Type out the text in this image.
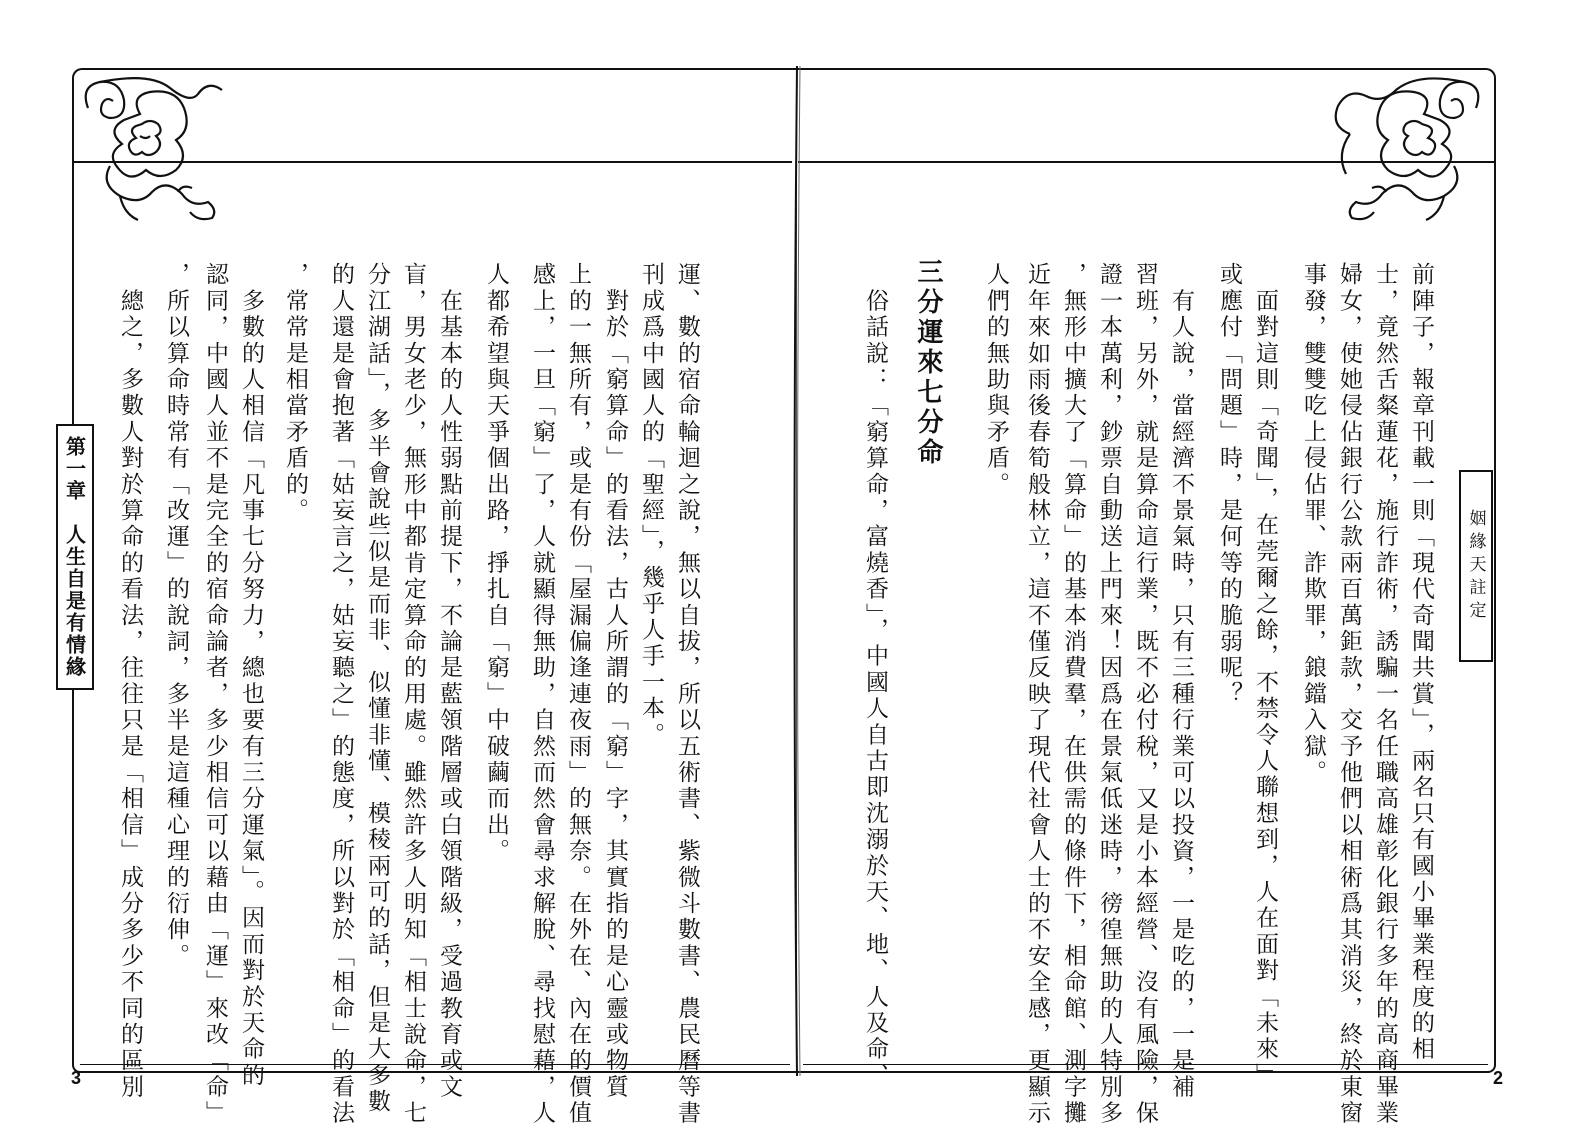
第一章　人生自是有情緣	姻緣天註定
前陣子，報章刊載一則「現代奇聞共賞」，兩名只有國小畢業程度的相
士，竟然舌粲蓮花，施行詐術，誘騙一名任職高雄彰化銀行多年的高商畢業
婦女，使她侵佔銀行公款兩百萬鉅款，交予他們以相術爲其消災，終於東窗
事發，雙雙吃上侵佔罪、詐欺罪，鋃鐺入獄。
　面對這則「奇聞」，在莞爾之餘，不禁令人聯想到，人在面對「未來」
或應付「問題」時，是何等的脆弱呢？
　有人說，當經濟不景氣時，只有三種行業可以投資，一是吃的，一是補
習班，另外，就是算命這行業，既不必付稅，又是小本經營、沒有風險，保
證一本萬利，鈔票自動送上門來！因爲在景氣低迷時，徬徨無助的人特別多
，無形中擴大了「算命」的基本消費羣，在供需的條件下，相命館、測字攤
近年來如雨後春筍般林立，這不僅反映了現代社會人士的不安全感，更顯示
人們的無助與矛盾。
三分運來七分命
　俗話說：「窮算命，富燒香」，中國人自古即沈溺於天、地、人及命、
運、數的宿命輪迴之說，無以自拔，所以五術書、紫微斗數書、農民曆等書
刊成爲中國人的「聖經」，幾乎人手一本。
　對於「窮算命」的看法，古人所謂的「窮」字，其實指的是心靈或物質
上的一無所有，或是有份「屋漏偏逢連夜雨」的無奈。在外在、內在的價值
感上，一旦「窮」了，人就顯得無助，自然而然會尋求解脫、尋找慰藉，人
人都希望與天爭個出路，掙扎自「窮」中破繭而出。
　在基本的人性弱點前提下，不論是藍領階層或白領階級，受過教育或文
盲，男女老少，無形中都肯定算命的用處。雖然許多人明知「相士說命，七
分江湖話」，多半會說些似是而非、似懂非懂、模稜兩可的話，但是大多數
的人還是會抱著「姑妄言之，姑妄聽之」的態度，所以對於「相命」的看法
，常常是相當矛盾的。
　多數的人相信「凡事七分努力，總也要有三分運氣」。因而對於天命的
認同，中國人並不是完全的宿命論者，多少相信可以藉由「運」來改「命」
，所以算命時常有「改運」的說詞，多半是這種心理的衍伸。
　總之，多數人對於算命的看法，往往只是「相信」成分多少不同的區別
3	2
